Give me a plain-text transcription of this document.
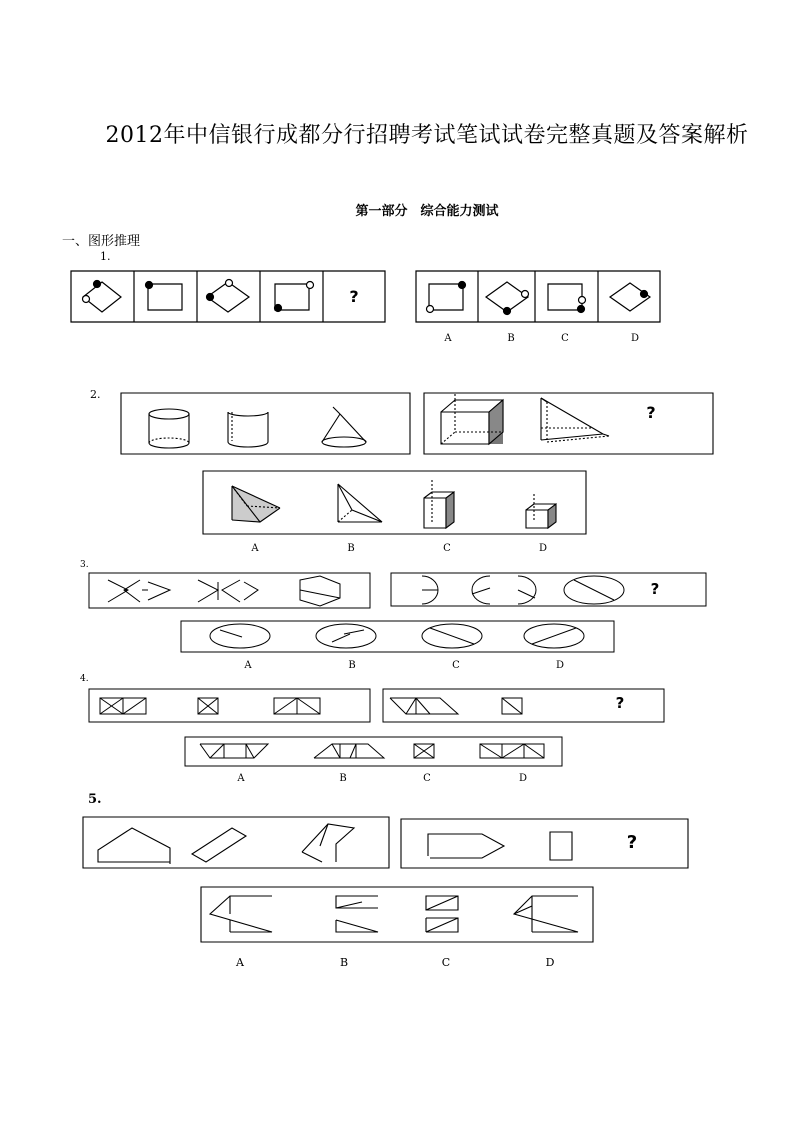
2012年中信银行成都分行招聘考试笔试试卷完整真题及答案解析
第一部分　综合能力测试
一、图形推理
1.
?
A	B	C	D
2.
?
A	B	C	D
3.
?
A	B	C	D
4.
?
A	B	C	D
5.
?
A	B	C	D
